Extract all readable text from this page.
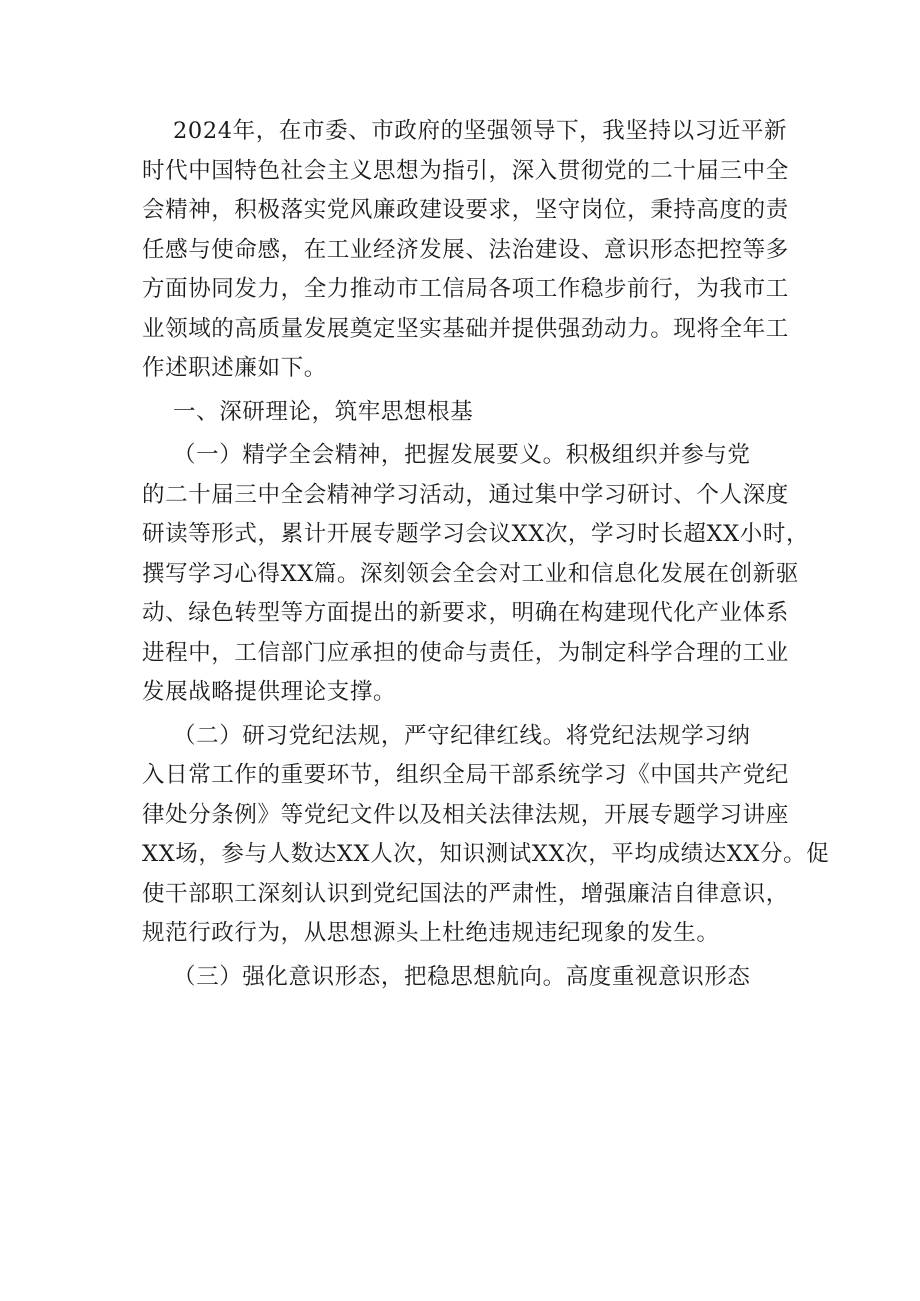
2024年，在市委、市政府的坚强领导下，我坚持以习近平新
时代中国特色社会主义思想为指引，深入贯彻党的二十届三中全
会精神，积极落实党风廉政建设要求，坚守岗位，秉持高度的责
任感与使命感，在工业经济发展、法治建设、意识形态把控等多
方面协同发力，全力推动市工信局各项工作稳步前行，为我市工
业领域的高质量发展奠定坚实基础并提供强劲动力。现将全年工
作述职述廉如下。
一、深研理论，筑牢思想根基
（一）精学全会精神，把握发展要义。积极组织并参与党
的二十届三中全会精神学习活动，通过集中学习研讨、个人深度
研读等形式，累计开展专题学习会议XX次，学习时长超XX小时，
撰写学习心得XX篇。深刻领会全会对工业和信息化发展在创新驱
动、绿色转型等方面提出的新要求，明确在构建现代化产业体系
进程中，工信部门应承担的使命与责任，为制定科学合理的工业
发展战略提供理论支撑。
（二）研习党纪法规，严守纪律红线。将党纪法规学习纳
入日常工作的重要环节，组织全局干部系统学习《中国共产党纪
律处分条例》等党纪文件以及相关法律法规，开展专题学习讲座
XX场，参与人数达XX人次，知识测试XX次，平均成绩达XX分。促
使干部职工深刻认识到党纪国法的严肃性，增强廉洁自律意识，
规范行政行为，从思想源头上杜绝违规违纪现象的发生。
（三）强化意识形态，把稳思想航向。高度重视意识形态
